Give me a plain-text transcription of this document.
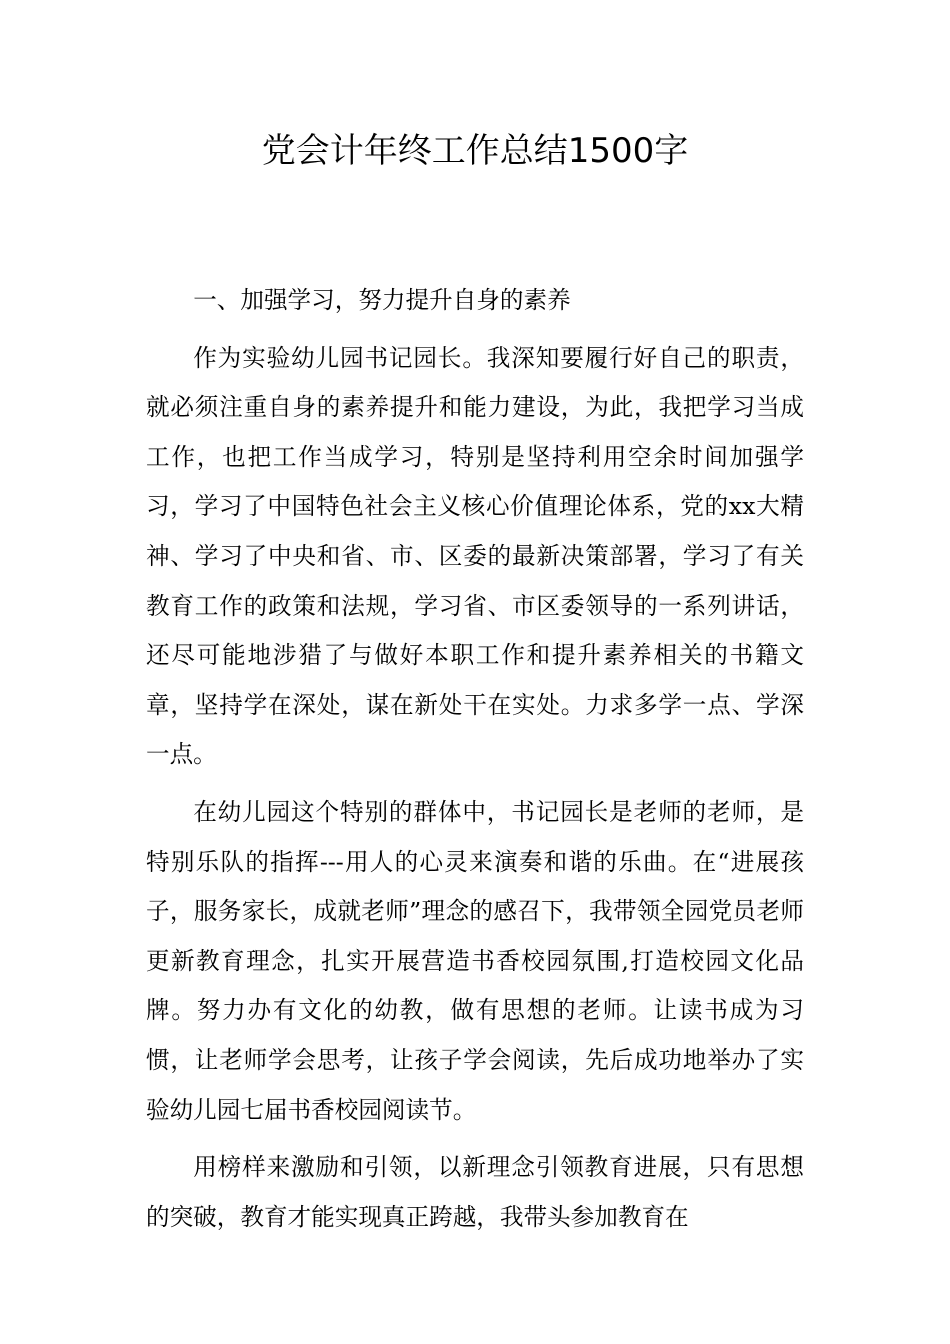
党会计年终工作总结1500字

一、加强学习，努力提升自身的素养

作为实验幼儿园书记园长。我深知要履行好自己的职责，就必须注重自身的素养提升和能力建设，为此，我把学习当成工作，也把工作当成学习，特别是坚持利用空余时间加强学习，学习了中国特色社会主义核心价值理论体系，党的xx大精神、学习了中央和省、市、区委的最新决策部署，学习了有关教育工作的政策和法规，学习省、市区委领导的一系列讲话，还尽可能地涉猎了与做好本职工作和提升素养相关的书籍文章，坚持学在深处，谋在新处干在实处。力求多学一点、学深一点。

在幼儿园这个特别的群体中，书记园长是老师的老师，是特别乐队的指挥---用人的心灵来演奏和谐的乐曲。在“进展孩子，服务家长，成就老师”理念的感召下，我带领全园党员老师更新教育理念，扎实开展营造书香校园氛围,打造校园文化品牌。努力办有文化的幼教，做有思想的老师。让读书成为习惯，让老师学会思考，让孩子学会阅读，先后成功地举办了实验幼儿园七届书香校园阅读节。

用榜样来激励和引领，以新理念引领教育进展，只有思想的突破，教育才能实现真正跨越，我带头参加教育在
